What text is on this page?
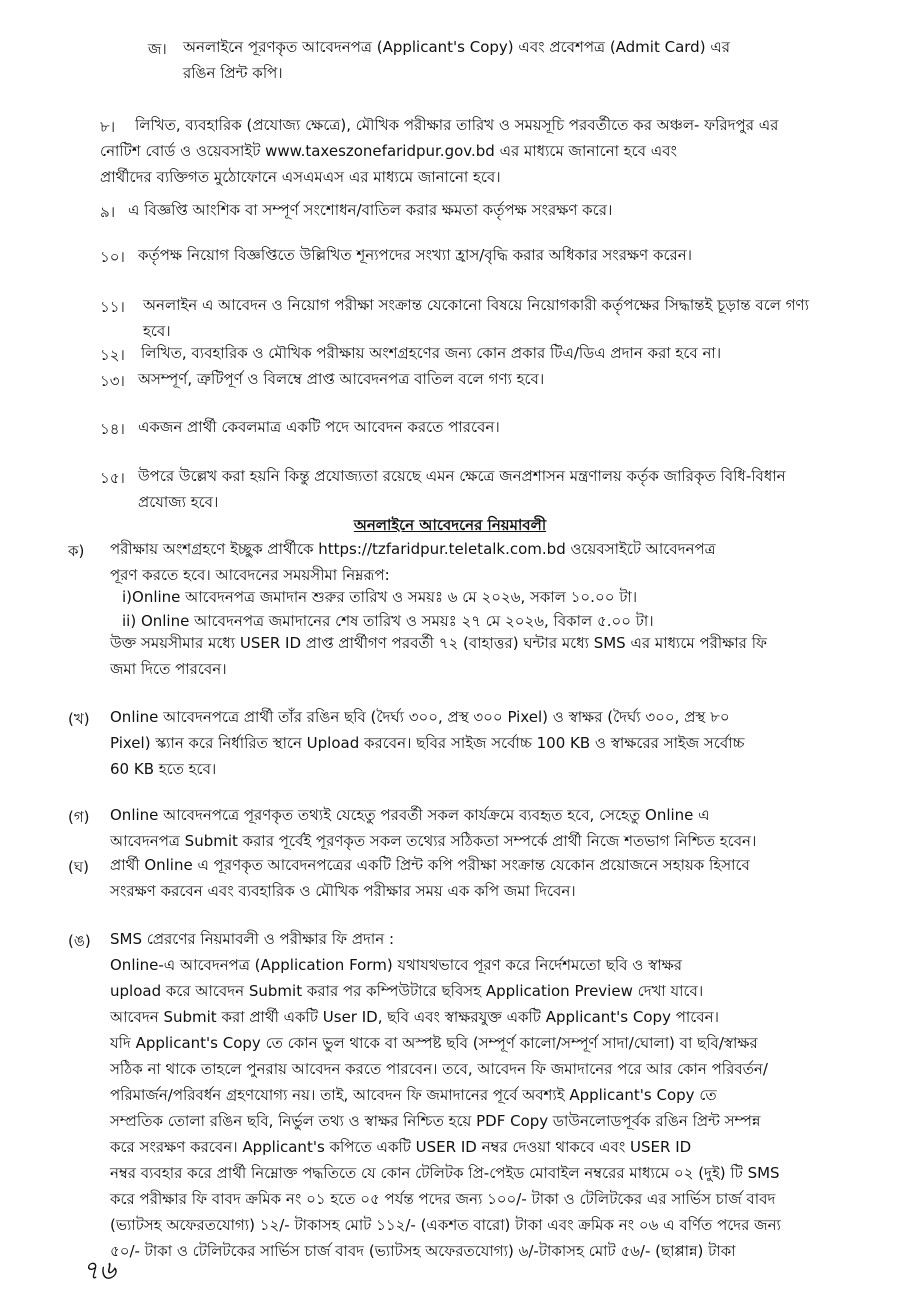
জ। অনলাইনে পূরণকৃত আবেদনপত্র (Applicant's Copy) এবং প্রবেশপত্র (Admit Card) এর
রঙিন প্রিন্ট কপি।
৮। লিখিত, ব্যবহারিক (প্রযোজ্য ক্ষেত্রে), মৌখিক পরীক্ষার তারিখ ও সময়সূচি পরবর্তীতে কর অঞ্চল- ফরিদপুর এর
নোটিশ বোর্ড ও ওয়েবসাইট www.taxeszonefaridpur.gov.bd এর মাধ্যমে জানানো হবে এবং
প্রার্থীদের ব্যক্তিগত মুঠোফোনে এসএমএস এর মাধ্যমে জানানো হবে।
৯। এ বিজ্ঞপ্তি আংশিক বা সম্পূর্ণ সংশোধন/বাতিল করার ক্ষমতা কর্তৃপক্ষ সংরক্ষণ করে।
১০। কর্তৃপক্ষ নিয়োগ বিজ্ঞপ্তিতে উল্লিখিত শূন্যপদের সংখ্যা হ্রাস/বৃদ্ধি করার অধিকার সংরক্ষণ করেন।
১১। অনলাইন এ আবেদন ও নিয়োগ পরীক্ষা সংক্রান্ত যেকোনো বিষয়ে নিয়োগকারী কর্তৃপক্ষের সিদ্ধান্তই চূড়ান্ত বলে গণ্য
হবে।
১২। লিখিত, ব্যবহারিক ও মৌখিক পরীক্ষায় অংশগ্রহণের জন্য কোন প্রকার টিএ/ডিএ প্রদান করা হবে না।
১৩। অসম্পূর্ণ, ত্রুটিপূর্ণ ও বিলম্বে প্রাপ্ত আবেদনপত্র বাতিল বলে গণ্য হবে।
১৪। একজন প্রার্থী কেবলমাত্র একটি পদে আবেদন করতে পারবেন।
১৫। উপরে উল্লেখ করা হয়নি কিন্তু প্রযোজ্যতা রয়েছে এমন ক্ষেত্রে জনপ্রশাসন মন্ত্রণালয় কর্তৃক জারিকৃত বিধি-বিধান
প্রযোজ্য হবে।
অনলাইনে আবেদনের নিয়মাবলী
ক) পরীক্ষায় অংশগ্রহণে ইচ্ছুক প্রার্থীকে https://tzfaridpur.teletalk.com.bd ওয়েবসাইটে আবেদনপত্র
পূরণ করতে হবে। আবেদনের সময়সীমা নিম্নরূপ:
i)Online আবেদনপত্র জমাদান শুরুর তারিখ ও সময়ঃ ৬ মে ২০২৬, সকাল ১০.০০ টা।
ii) Online আবেদনপত্র জমাদানের শেষ তারিখ ও সময়ঃ ২৭ মে ২০২৬, বিকাল ৫.০০ টা।
উক্ত সময়সীমার মধ্যে USER ID প্রাপ্ত প্রার্থীগণ পরবর্তী ৭২ (বাহাত্তর) ঘন্টার মধ্যে SMS এর মাধ্যমে পরীক্ষার ফি
জমা দিতে পারবেন।
(খ) Online আবেদনপত্রে প্রার্থী তাঁর রঙিন ছবি (দৈর্ঘ্য ৩০০, প্রস্থ ৩০০ Pixel) ও স্বাক্ষর (দৈর্ঘ্য ৩০০, প্রস্থ ৮০
Pixel) স্ক্যান করে নির্ধারিত স্থানে Upload করবেন। ছবির সাইজ সর্বোচ্চ 100 KB ও স্বাক্ষরের সাইজ সর্বোচ্চ
60 KB হতে হবে।
(গ) Online আবেদনপত্রে পূরণকৃত তথ্যই যেহেতু পরবর্তী সকল কার্যক্রমে ব্যবহৃত হবে, সেহেতু Online এ
আবেদনপত্র Submit করার পূর্বেই পূরণকৃত সকল তথ্যের সঠিকতা সম্পর্কে প্রার্থী নিজে শতভাগ নিশ্চিত হবেন।
(ঘ) প্রার্থী Online এ পূরণকৃত আবেদনপত্রের একটি প্রিন্ট কপি পরীক্ষা সংক্রান্ত যেকোন প্রয়োজনে সহায়ক হিসাবে
সংরক্ষণ করবেন এবং ব্যবহারিক ও মৌখিক পরীক্ষার সময় এক কপি জমা দিবেন।
(ঙ) SMS প্রেরণের নিয়মাবলী ও পরীক্ষার ফি প্রদান :
Online-এ আবেদনপত্র (Application Form) যথাযথভাবে পূরণ করে নির্দেশমতো ছবি ও স্বাক্ষর
upload করে আবেদন Submit করার পর কম্পিউটারে ছবিসহ Application Preview দেখা যাবে।
আবেদন Submit করা প্রার্থী একটি User ID, ছবি এবং স্বাক্ষরযুক্ত একটি Applicant's Copy পাবেন।
যদি Applicant's Copy তে কোন ভুল থাকে বা অস্পষ্ট ছবি (সম্পূর্ণ কালো/সম্পূর্ণ সাদা/ঘোলা) বা ছবি/স্বাক্ষর
সঠিক না থাকে তাহলে পুনরায় আবেদন করতে পারবেন। তবে, আবেদন ফি জমাদানের পরে আর কোন পরিবর্তন/
পরিমার্জন/পরিবর্ধন গ্রহণযোগ্য নয়। তাই, আবেদন ফি জমাদানের পূর্বে অবশ্যই Applicant's Copy তে
সম্প্রতিক তোলা রঙিন ছবি, নির্ভুল তথ্য ও স্বাক্ষর নিশ্চিত হয়ে PDF Copy ডাউনলোডপূর্বক রঙিন প্রিন্ট সম্পন্ন
করে সংরক্ষণ করবেন। Applicant's কপিতে একটি USER ID নম্বর দেওয়া থাকবে এবং USER ID
নম্বর ব্যবহার করে প্রার্থী নিম্নোক্ত পদ্ধতিতে যে কোন টেলিটক প্রি-পেইড মোবাইল নম্বরের মাধ্যমে ০২ (দুই) টি SMS
করে পরীক্ষার ফি বাবদ ক্রমিক নং ০১ হতে ০৫ পর্যন্ত পদের জন্য ১০০/- টাকা ও টেলিটকের এর সার্ভিস চার্জ বাবদ
(ভ্যাটসহ অফেরতযোগ্য) ১২/- টাকাসহ মোট ১১২/- (একশত বারো) টাকা এবং ক্রমিক নং ০৬ এ বর্ণিত পদের জন্য
৫০/- টাকা ও টেলিটকের সার্ভিস চার্জ বাবদ (ভ্যাটসহ অফেরতযোগ্য) ৬/-টাকাসহ মোট ৫৬/- (ছাপ্পান্ন) টাকা
৭৬
